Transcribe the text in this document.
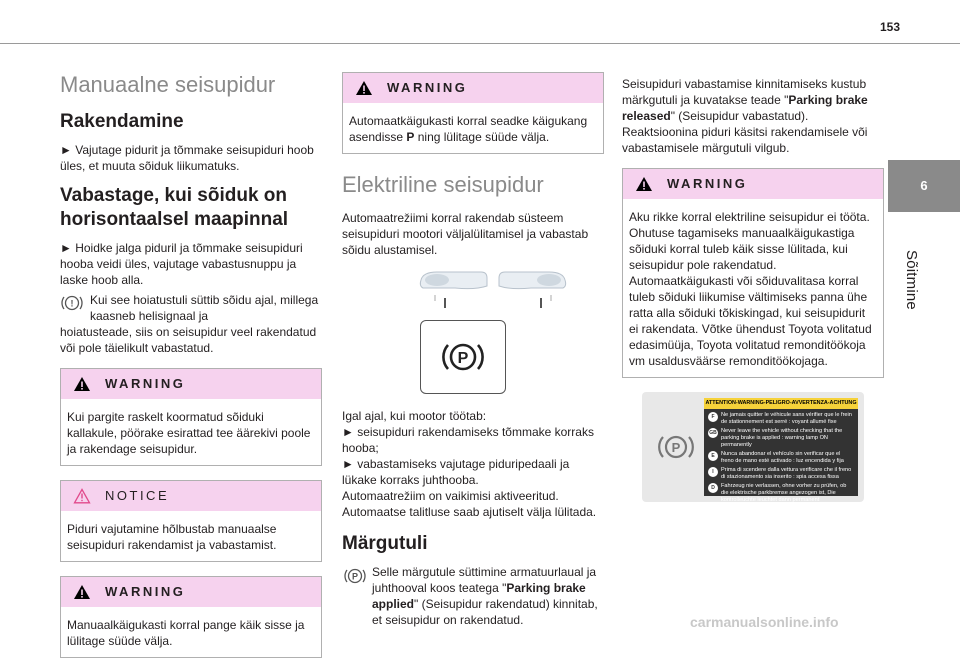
153
6
Sõitmine
Manuaalne seisupidur
Rakendamine
► Vajutage pidurit ja tõmmake seisupiduri hoob üles, et muuta sõiduk liikumatuks.
Vabastage, kui sõiduk on horisontaalsel maapinnal
► Hoidke jalga piduril ja tõmmake seisupiduri hooba veidi üles, vajutage vabastusnuppu ja laske hoob alla.
! Kui see hoiatustuli süttib sõidu ajal, millega kaasneb helisignaal ja
hoiatusteade, siis on seisupidur veel rakendatud või pole täielikult vabastatud.
WARNING
Kui pargite raskelt koormatud sõiduki kallakule, pöörake esirattad tee äärekivi poole ja rakendage seisupidur.
NOTICE
Piduri vajutamine hõlbustab manuaalse seisupiduri rakendamist ja vabastamist.
WARNING
Manuaalkäigukasti korral pange käik sisse ja lülitage süüde välja.
WARNING
Automaatkäigukasti korral seadke käigukang asendisse P ning lülitage süüde välja.
Elektriline seisupidur
Automaatrežiimi korral rakendab süsteem seisupiduri mootori väljalülitamisel ja vabastab sõidu alustamisel.
P
Igal ajal, kui mootor töötab:
► seisupiduri rakendamiseks tõmmake korraks hooba;
► vabastamiseks vajutage piduripedaali ja lükake korraks juhthooba.
Automaatrežiim on vaikimisi aktiveeritud.
Automaatse talitluse saab ajutiselt välja lülitada.
Märgutuli
P Selle märgutule süttimine armatuurlaual ja juhthooval koos teatega "Parking brake applied" (Seisupidur rakendatud) kinnitab, et seisupidur on rakendatud.
Seisupiduri vabastamise kinnitamiseks kustub märkgutuli ja kuvatakse teade "Parking brake released" (Seisupidur vabastatud).
Reaktsioonina piduri käsitsi rakendamisele või vabastamisele märgutuli vilgub.
WARNING
Aku rikke korral elektriline seisupidur ei tööta. Ohutuse tagamiseks manuaalkäigukastiga sõiduki korral tuleb käik sisse lülitada, kui seisupidur pole rakendatud. Automaatkäigukasti või sõiduvalitasa korral tuleb sõiduki liikumise vältimiseks panna ühe ratta alla sõiduki tõkiskingad, kui seisupidurit ei rakendata. Võtke ühendust Toyota volitatud edasimüüja, Toyota volitatud remonditöökoja vm usaldusväärse remonditöökojaga.
P
ATTENTION-WARNING-PELIGRO-AVVERTENZA-ACHTUNG
F	Ne jamais quitter le véhicule sans vérifier que le frein de stationnement est serré : voyant allumé fixe
GB Never leave the vehicle without checking that the parking brake is applied : warning lamp ON permanently
E	Nunca abandonar el vehículo sin verificar que el freno de mano esté activado : luz encendida y fija
I	Prima di scendere dalla vettura verificare che il freno di stazionamento sia inserito : spia accesa fissa
D	Fahrzeug nie verlassen, ohne vorher zu prüfen, ob die elektrische parkbremse angezogen ist, Die kontrolleuchte leuchtet dann permanent
carmanualsonline.info
